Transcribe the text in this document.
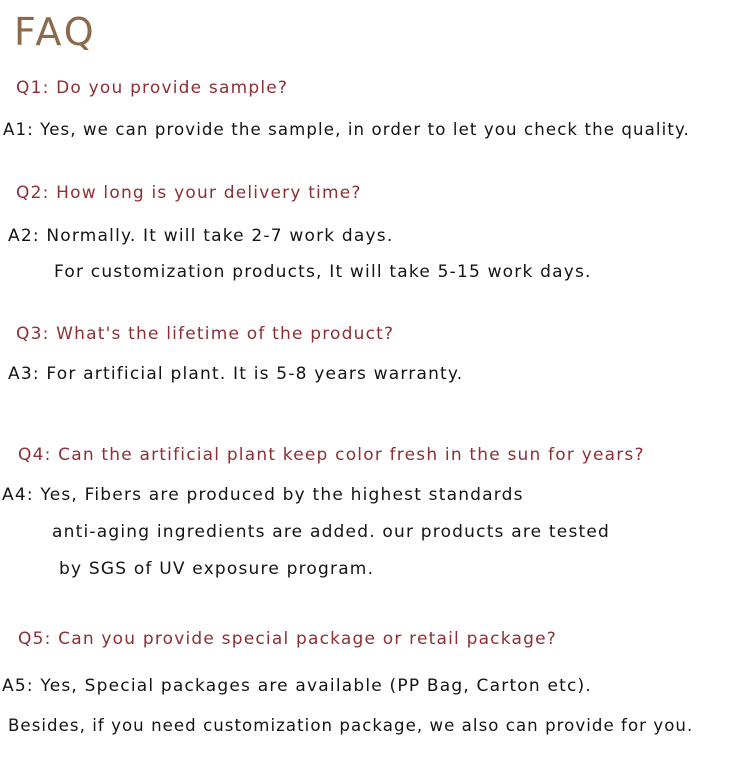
FAQ

Q1: Do you provide sample?

A1: Yes, we can provide the sample, in order to let you check the quality.

Q2: How long is your delivery time?

A2: Normally. It will take 2-7 work days.

For customization products, It will take 5-15 work days.

Q3: What's the lifetime of the product?

A3: For artificial plant. It is 5-8 years warranty.

Q4: Can the artificial plant keep color fresh in the sun for years?

A4: Yes, Fibers are produced by the highest standards

anti-aging ingredients are added. our products are tested

by SGS of UV exposure program.

Q5: Can you provide special package or retail package?

A5: Yes, Special packages are available (PP Bag, Carton etc).

Besides, if you need customization package, we also can provide for you.
